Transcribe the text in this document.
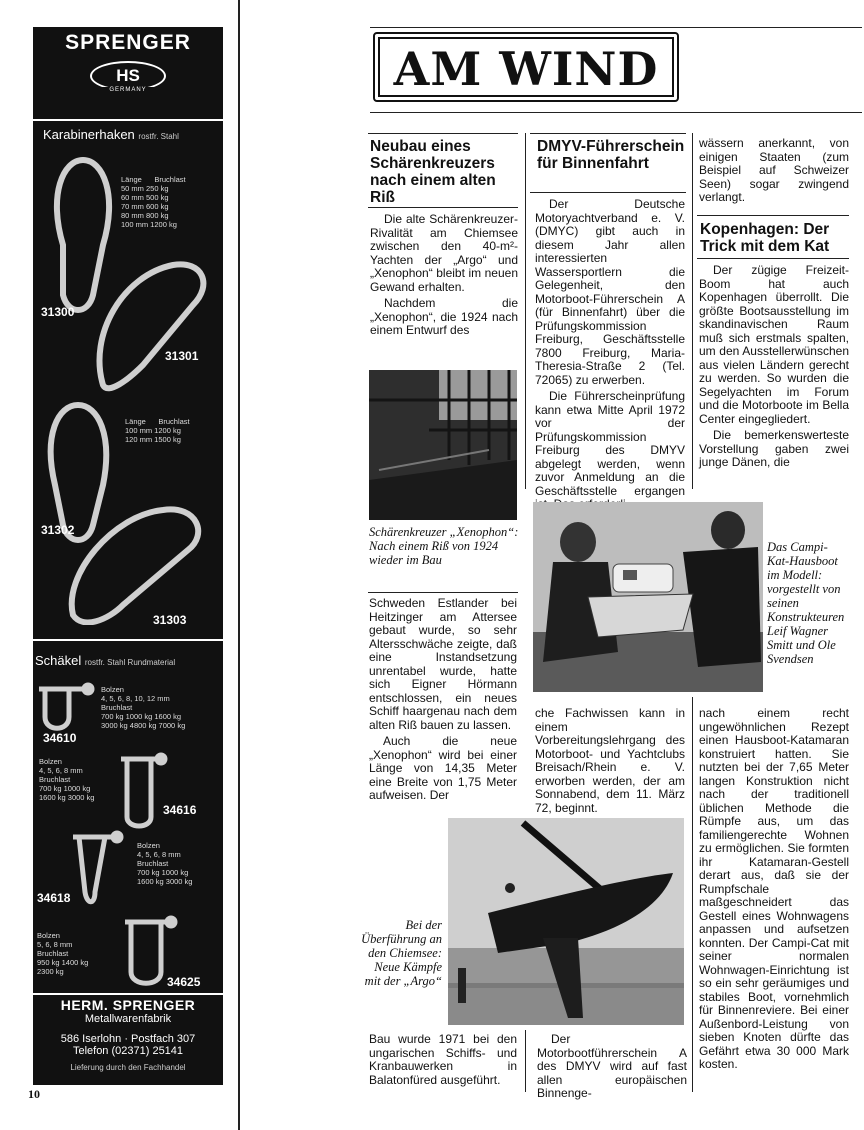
SPRENGER
HS
GERMANY
Karabinerhaken rostfr. Stahl
Länge Bruchlast
50 mm 250 kg
60 mm 500 kg
70 mm 600 kg
80 mm 800 kg
100 mm 1200 kg
31300
31301
Länge Bruchlast
100 mm 1200 kg
120 mm 1500 kg
31302
31303
Schäkel rostfr. Stahl Rundmaterial
Bolzen
4, 5, 6, 8, 10, 12 mm
Bruchlast
700 kg 1000 kg 1600 kg
3000 kg 4800 kg 7000 kg
34610
Bolzen
4, 5, 6, 8 mm
Bruchlast
700 kg 1000 kg
1600 kg 3000 kg
34616
Bolzen
4, 5, 6, 8 mm
Bruchlast
700 kg 1000 kg
1600 kg 3000 kg
34618
Bolzen
5, 6, 8 mm
Bruchlast
950 kg 1400 kg
2300 kg
34625
HERM. SPRENGER
Metallwarenfabrik
586 Iserlohn · Postfach 307
Telefon (02371) 25141
Lieferung durch den Fachhandel
10
AM WIND
Neubau eines Schärenkreuzers nach einem alten Riß

Die alte Schärenkreuzer-Rivalität am Chiemsee zwischen den 40-m²-Yachten der „Argo“ und „Xenophon“ bleibt im neuen Gewand erhalten.

Nachdem die „Xenophon“, die 1924 nach einem Entwurf des

Schärenkreuzer „Xenophon“: Nach einem Riß von 1924 wieder im Bau

Schweden Estlander bei Heitzinger am Attersee gebaut wurde, so sehr Altersschwäche zeigte, daß eine Instandsetzung unrentabel wurde, hatte sich Eigner Hörmann entschlossen, ein neues Schiff haargenau nach dem alten Riß bauen zu lassen.

Auch die neue „Xenophon“ wird bei einer Länge von 14,35 Meter eine Breite von 1,75 Meter aufweisen. Der

Bei der Überführung an den Chiemsee: Neue Kämpfe mit der „Argo“

Bau wurde 1971 bei den ungarischen Schiffs- und Kranbauwerken in Balatonfüred ausgeführt.

DMYV-Führerschein für Binnenfahrt

Der Deutsche Motoryachtverband e. V. (DMYC) gibt auch in diesem Jahr allen interessierten Wassersportlern die Gelegenheit, den Motorboot-Führerschein A (für Binnenfahrt) über die Prüfungskommission Freiburg, Geschäftsstelle 7800 Freiburg, Maria-Theresia-Straße 2 (Tel. 72065) zu erwerben.

Die Führerscheinprüfung kann etwa Mitte April 1972 vor der Prüfungskommission Freiburg des DMYV abgelegt werden, wenn zuvor Anmeldung an die Geschäftsstelle ergangen

wässern anerkannt, von einigen Staaten (zum Beispiel auf Schweizer Seen) sogar zwingend verlangt.

Kopenhagen: Der Trick mit dem Kat

Der zügige Freizeit-Boom hat auch Kopenhagen überrollt. Die größte Bootsausstellung im skandinavischen Raum muß sich erstmals spalten, um den Ausstellerwünschen aus vielen Ländern gerecht zu werden. So wurden die Segelyachten im Forum und die Motorboote im Bella Center eingegliedert.

Die bemerkenswerteste Vorstellung gaben zwei junge Dänen, die

Das Campi-Kat-Hausboot im Modell: vorgestellt von seinen Konstrukteuren Leif Wagner Smitt und Ole Svendsen

che Fachwissen kann in einem Vorbereitungslehrgang des Motorboot- und Yachtclubs Breisach/Rhein e. V. erworben werden, der am Sonnabend, dem 11. März 72, beginnt.

nach einem recht ungewöhnlichen Rezept einen Hausboot-Katamaran konstruiert hatten. Sie nutzten bei der 7,65 Meter langen Konstruktion nicht nach der traditionell üblichen Methode die Rümpfe aus, um das familiengerechte Wohnen zu ermöglichen. Sie formten ihr Katamaran-Gestell derart aus, daß sie der Rumpfschale maßgeschneidert das Gestell eines Wohnwagens anpassen und aufsetzen konnten. Der Campi-Cat mit seiner normalen Wohnwagen-Einrichtung ist so ein sehr geräumiges und stabiles Boot, vornehmlich für Binnenreviere. Bei einer Außenbord-Leistung von sieben Knoten dürfte das Gefährt etwa 30 000 Mark kosten.

Der Motorbootführerschein A des DMYV wird auf fast allen europäischen Binnenge-
